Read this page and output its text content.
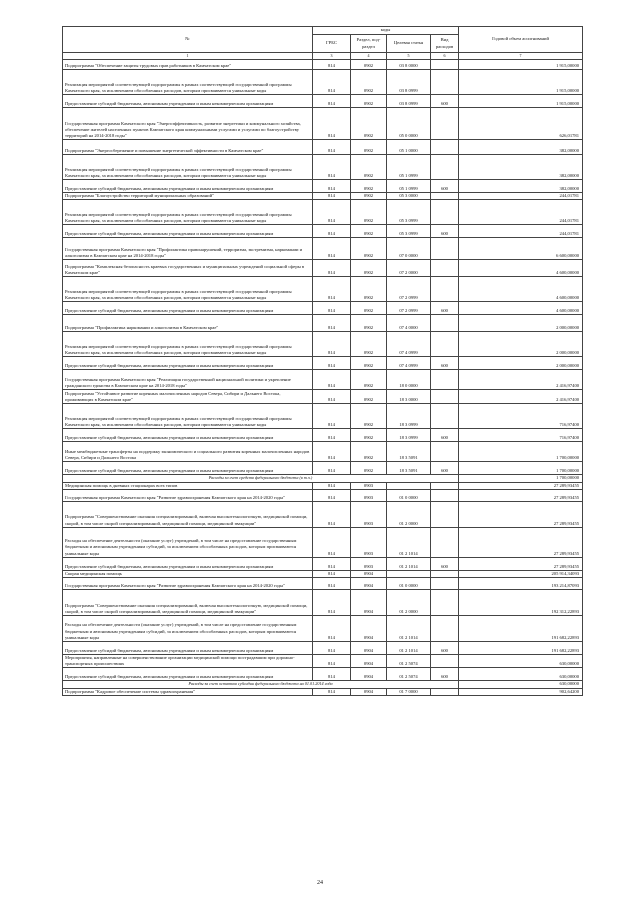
№	коды				Годовой объем ассигнований
	ГРБС	Раздел, под-раздел	Целевая статья	Вид расходов	
1	3	4	5	6	7
Подпрограмма "Обеспечение защиты трудовых прав работников в Камчатском крае"	814	0902	03 8 0000		1 915,00000
Реализация мероприятий соответствующей подпрограммы в рамках соответствующей государственной программы Камчатского края, за исключением обособленных расходов, которым присваиваются уникальные коды	814	0902	03 8 0999		1 915,00000
Предоставление субсидий бюджетным, автономным учреждениям и иным некоммерческим организациям	814	0902	03 8 0999	600	1 915,00000
Государственная программа Камчатского края "Энергоэффективность, развитие энергетики и коммунального хозяйства, обеспечение жителей населенных пунктов Камчатского края коммунальными услугами и услугами по благоустройству территорий на 2014-2018 годы"	814	0902	05 0 0000		626,01781
Подпрограмма "Энергосбережение и повышение энергетической эффективности в Камчатском крае"	814	0902	05 1 0000		382,00000
Реализация мероприятий соответствующей подпрограммы в рамках соответствующей государственной программы Камчатского края, за исключением обособленных расходов, которым присваиваются уникальные коды	814	0902	05 1 0999		382,00000
Предоставление субсидий бюджетным, автономным учреждениям и иным некоммерческим организациям	814	0902	05 1 0999	600	382,00000
Подпрограмма "Благоустройство территорий муниципальных образований"	814	0902	05 3 0000		244,01781
Реализация мероприятий соответствующей подпрограммы в рамках соответствующей государственной программы Камчатского края, за исключением обособленных расходов, которым присваиваются уникальные коды	814	0902	05 3 0999		244,01781
Предоставление субсидий бюджетным, автономным учреждениям и иным некоммерческим организациям	814	0902	05 3 0999	600	244,01781
Государственная программа Камчатского края "Профилактика правонарушений, терроризма, экстремизма, наркомании и алкоголизма в Камчатском крае на 2014-2018 годы"	814	0902	07 0 0000		6 600,00000
Подпрограмма "Комплексная безопасность краевых государственных и муниципальных учреждений социальной сферы в Камчатском крае"	814	0902	07 2 0000		4 600,00000
Реализация мероприятий соответствующей подпрограммы в рамках соответствующей государственной программы Камчатского края, за исключением обособленных расходов, которым присваиваются уникальные коды	814	0902	07 2 0999		4 600,00000
Предоставление субсидий бюджетным, автономным учреждениям и иным некоммерческим организациям	814	0902	07 2 0999	600	4 600,00000
Подпрограмма "Профилактика наркомании и алкоголизма в Камчатском крае"	814	0902	07 4 0000		2 000,00000
Реализация мероприятий соответствующей подпрограммы в рамках соответствующей государственной программы Камчатского края, за исключением обособленных расходов, которым присваиваются уникальные коды	814	0902	07 4 0999		2 000,00000
Предоставление субсидий бюджетным, автономным учреждениям и иным некоммерческим организациям	814	0902	07 4 0999	600	2 000,00000
Государственная программа Камчатского края "Реализация государственной национальной политики и укрепление гражданского единства в Камчатском крае на 2014-2018 годы"	814	0902	18 0 0000		2 416,97400
Подпрограмма "Устойчивое развитие коренных малочисленных народов Севера, Сибири и Дальнего Востока, проживающих в Камчатском крае"	814	0902	18 3 0000		2 416,97400
Реализация мероприятий соответствующей подпрограммы в рамках соответствующей государственной программы Камчатского края, за исключением обособленных расходов, которым присваиваются уникальные коды	814	0902	18 3 0999		716,97400
Предоставление субсидий бюджетным, автономным учреждениям и иным некоммерческим организациям	814	0902	18 3 0999	600	716,97400
Иные межбюджетные трансферты на поддержку экономического и социального развития коренных малочисленных народов Севера, Сибири и Дальнего Востока	814	0902	18 3 5091		1 700,00000
Предоставление субсидий бюджетным, автономным учреждениям и иным некоммерческим организациям	814	0902	18 3 5091	600	1 700,00000
Расходы за счет средств федерального бюджета (в т.ч.)					1 700,00000
Медицинская помощь в дневных стационарах всех типов	814	0903			27 289,93455
Государственная программа Камчатского края "Развитие здравоохранения Камчатского края на 2014-2020 годы"	814	0903	01 0 0000		27 289,93455
Подпрограмма "Совершенствование оказания специализированной, включая высокотехнологичную, медицинской помощи, скорой, в том числе скорой специализированной, медицинской помощи, медицинской эвакуации"	814	0903	01 2 0000		27 289,93455
Расходы на обеспечение деятельности (оказание услуг) учреждений, в том числе на предоставление государственным бюджетным и автономным учреждениям субсидий, за исключением обособленных расходов, которым присваиваются уникальные коды	814	0903	01 2 1014		27 289,93455
Предоставление субсидий бюджетным, автономным учреждениям и иным некоммерческим организациям	814	0903	01 2 1014	600	27 289,93455
Скорая медицинская помощь	814	0904			205 914,34093
Государственная программа Камчатского края "Развитие здравоохранения Камчатского края на 2014-2020 годы"	814	0904	01 0 0000		193 214,87093
Подпрограмма "Совершенствование оказания специализированной, включая высокотехнологичную, медицинской помощи, скорой, в том числе скорой специализированной, медицинской помощи, медицинской эвакуации"	814	0904	01 2 0000		192 312,22893
Расходы на обеспечение деятельности (оказание услуг) учреждений, в том числе на предоставление государственным бюджетным и автономным учреждениям субсидий, за исключением обособленных расходов, которым присваиваются уникальные коды	814	0904	01 2 1014		191 682,22893
Предоставление субсидий бюджетным, автономным учреждениям и иным некоммерческим организациям	814	0904	01 2 1014	600	191 682,22893
Мероприятия, направленные на совершенствование организации медицинской помощи пострадавшим при дорожно-транспортных происшествиях	814	0904	01 2 5074		630,00000
Предоставление субсидий бюджетным, автономным учреждениям и иным некоммерческим организациям	814	0904	01 2 5074	600	630,00000
Расходы за счет остатков субсидии федерального бюджета на 01.01.2014 года					630,00000
Подпрограмма "Кадровое обеспечение системы здравоохранения"	814	0904	01 7 0000		902,64200
24
